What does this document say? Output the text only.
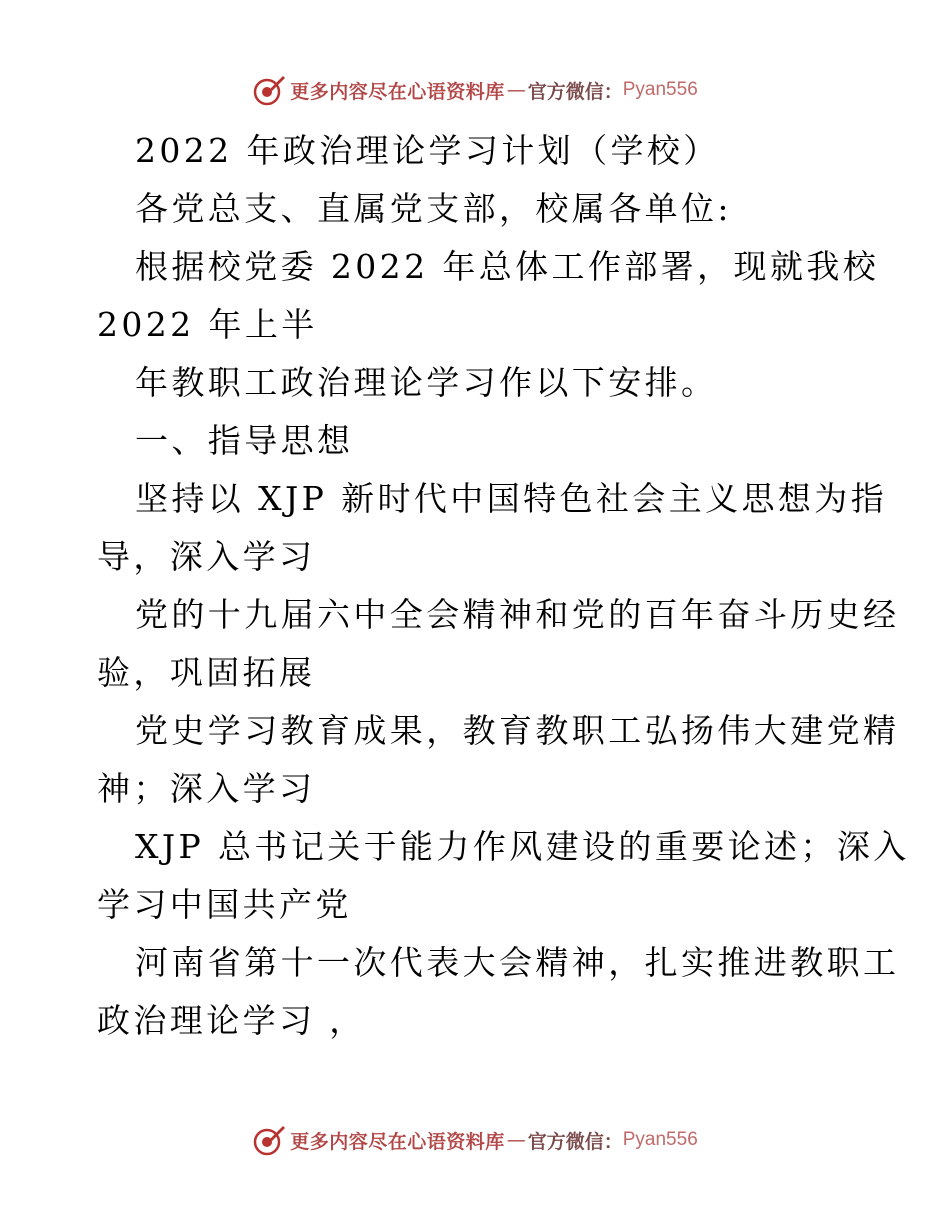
更多内容尽在心语资料库 — 官方微信： Pyan556
2022 年政治理论学习计划（学校）
各党总支、直属党支部，校属各单位:
根据校党委 2022 年总体工作部署，现就我校
2022 年上半
年教职工政治理论学习作以下安排。
一、指导思想
坚持以 XJP 新时代中国特色社会主义思想为指
导，深入学习
党的十九届六中全会精神和党的百年奋斗历史经
验，巩固拓展
党史学习教育成果，教育教职工弘扬伟大建党精
神；深入学习
XJP 总书记关于能力作风建设的重要论述；深入
学习中国共产党
河南省第十一次代表大会精神，扎实推进教职工
政治理论学习 ，
更多内容尽在心语资料库 — 官方微信： Pyan556
